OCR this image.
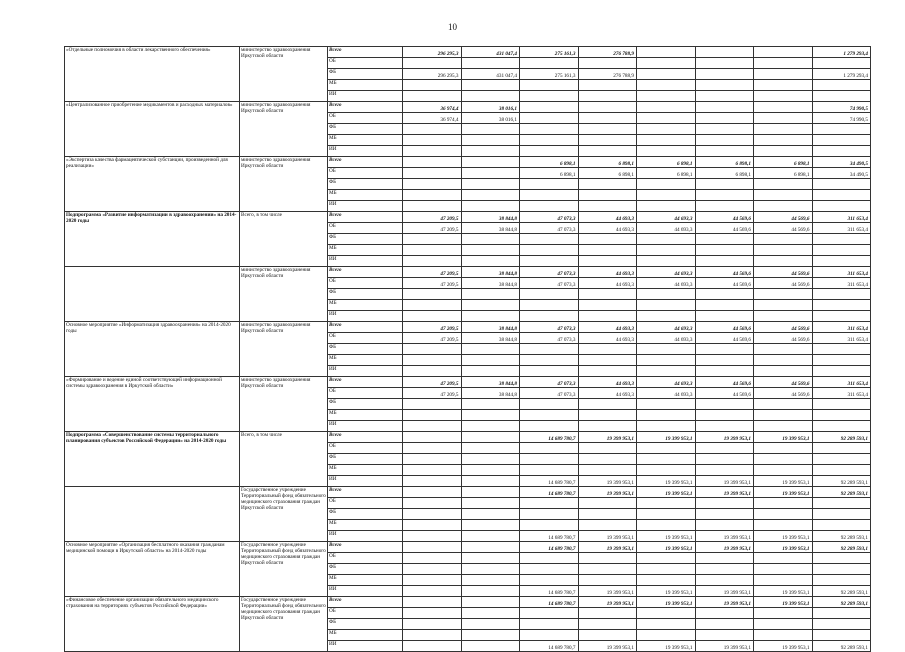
10
«Отдельные полномочия в области лекарственного обеспечения»	министерство здравоохранения Иркутской области	Всего	296 295,3	431 047,4	275 161,3	276 788,9				1 279 293,4
		ОБ								
		ФБ	296 295,3	431 047,4	275 161,3	276 788,9				1 279 293,4
		МБ								
		ИИ								
«Централизованное приобретение медикаментов и расходных материалов»	министерство здравоохранения Иркутской области	Всего	36 974,4	38 016,1						74 990,5
		ОБ	36 974,4	38 016,1						74 990,5
		ФБ								
		МБ								
		ИИ								
«Экспертиза качества фармацевтической субстанции, произведенной для реализации»	министерство здравоохранения Иркутской области	Всего			6 898,1	6 898,1	6 898,1	6 898,1	6 898,1	34 490,5
		ОБ			6 898,1	6 898,1	6 898,1	6 898,1	6 898,1	34 490,5
		ФБ								
		МБ								
		ИИ								
Подпрограмма «Развитие информатизации в здравоохранении» на 2014-2020 годы	Всего, в том числе	Всего	47 209,5	38 844,8	47 073,3	44 693,3	44 693,3	44 569,6	44 569,6	311 653,4
		ОБ	47 209,5	38 844,8	47 073,3	44 693,3	44 693,3	44 569,6	44 569,6	311 653,4
		ФБ								
		МБ								
		ИИ								
	министерство здравоохранения Иркутской области	Всего	47 209,5	38 844,8	47 073,3	44 693,3	44 693,3	44 569,6	44 569,6	311 653,4
		ОБ	47 209,5	38 844,8	47 073,3	44 693,3	44 693,3	44 569,6	44 569,6	311 653,4
		ФБ								
		МБ								
		ИИ								
Основное мероприятие «Информатизация здравоохранения» на 2014-2020 годы	министерство здравоохранения Иркутской области	Всего	47 209,5	38 844,8	47 073,3	44 693,3	44 693,3	44 569,6	44 569,6	311 653,4
		ОБ	47 209,5	38 844,8	47 073,3	44 693,3	44 693,3	44 569,6	44 569,6	311 653,4
		ФБ								
		МБ								
		ИИ								
«Формирование и ведение единой соответствующей информационной системы здравоохранения в Иркутской области»	министерство здравоохранения Иркутской области	Всего	47 209,5	38 844,8	47 073,3	44 693,3	44 693,3	44 569,6	44 569,6	311 653,4
		ОБ	47 209,5	38 844,8	47 073,3	44 693,3	44 693,3	44 569,6	44 569,6	311 653,4
		ФБ								
		МБ								
		ИИ								
Подпрограмма «Совершенствование системы территориального планирования субъектов Российской Федерации» на 2014-2020 годы	Всего, в том числе	Всего			14 689 780,7	19 399 953,1	19 399 953,1	19 399 953,1	19 399 953,1	92 289 593,1
		ОБ								
		ФБ								
		МБ								
		ИИ			14 689 780,7	19 399 953,1	19 399 953,1	19 399 953,1	19 399 953,1	92 289 593,1
	Государственное учреждение Территориальный фонд обязательного медицинского страхования граждан Иркутской области	Всего			14 689 780,7	19 399 953,1	19 399 953,1	19 399 953,1	19 399 953,1	92 289 593,1
		ОБ								
		ФБ								
		МБ								
		ИИ			14 689 780,7	19 399 953,1	19 399 953,1	19 399 953,1	19 399 953,1	92 289 593,1
Основное мероприятие «Организация бесплатного оказания гражданам медицинской помощи в Иркутской области» на 2014-2020 годы	Государственное учреждение Территориальный фонд обязательного медицинского страхования граждан Иркутской области	Всего			14 689 780,7	19 399 953,1	19 399 953,1	19 399 953,1	19 399 953,1	92 289 593,1
		ОБ								
		ФБ								
		МБ								
		ИИ			14 689 780,7	19 399 953,1	19 399 953,1	19 399 953,1	19 399 953,1	92 289 593,1
«Финансовое обеспечение организации обязательного медицинского страхования на территориях субъектов Российской Федерации»	Государственное учреждение Территориальный фонд обязательного медицинского страхования граждан Иркутской области	Всего			14 689 780,7	19 399 953,1	19 399 953,1	19 399 953,1	19 399 953,1	92 289 593,1
		ОБ								
		ФБ								
		МБ								
		ИИ			14 689 780,7	19 399 953,1	19 399 953,1	19 399 953,1	19 399 953,1	92 289 593,1
